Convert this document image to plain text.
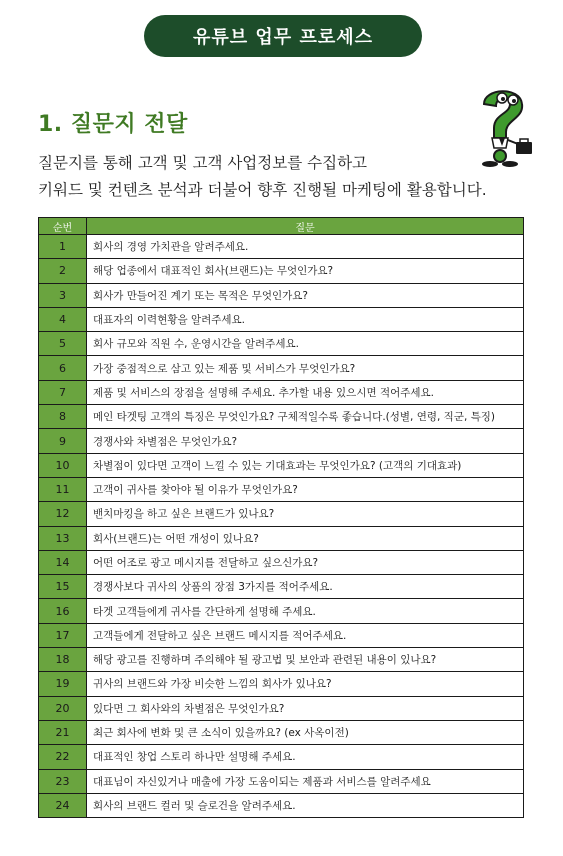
유튜브 업무 프로세스
1. 질문지 전달
질문지를 통해 고객 및 고객 사업정보를 수집하고
키워드 및 컨텐츠 분석과 더불어 향후 진행될 마케팅에 활용합니다.
순번	질문
1	회사의 경영 가치관을 알려주세요.
2	해당 업종에서 대표적인 회사(브랜드)는 무엇인가요?
3	회사가 만들어진 계기 또는 목적은 무엇인가요?
4	대표자의 이력현황을 알려주세요.
5	회사 규모와 직원 수, 운영시간을 알려주세요.
6	가장 중점적으로 삼고 있는 제품 및 서비스가 무엇인가요?
7	제품 및 서비스의 장점을 설명해 주세요. 추가할 내용 있으시면 적어주세요.
8	메인 타겟팅 고객의 특징은 무엇인가요? 구체적일수록 좋습니다.(성별, 연령, 직군, 특징)
9	경쟁사와 차별점은 무엇인가요?
10	차별점이 있다면 고객이 느낄 수 있는 기대효과는 무엇인가요? (고객의 기대효과)
11	고객이 귀사를 찾아야 될 이유가 무엇인가요?
12	밴치마킹을 하고 싶은 브랜드가 있나요?
13	회사(브랜드)는 어떤 개성이 있나요?
14	어떤 어조로 광고 메시지를 전달하고 싶으신가요?
15	경쟁사보다 귀사의 상품의 장점 3가지를 적어주세요.
16	타겟 고객들에게 귀사를 간단하게 설명해 주세요.
17	고객들에게 전달하고 싶은 브랜드 메시지를 적어주세요.
18	해당 광고를 진행하며 주의해야 될 광고법 및 보안과 관련된 내용이 있나요?
19	귀사의 브랜드와 가장 비슷한 느낌의 회사가 있나요?
20	있다면 그 회사와의 차별점은 무엇인가요?
21	최근 회사에 변화 및 큰 소식이 있을까요? (ex 사옥이전)
22	대표적인 창업 스토리 하나만 설명해 주세요.
23	대표님이 자신있거나 매출에 가장 도움이되는 제품과 서비스를 알려주세요
24	회사의 브랜드 컬러 및 슬로건을 알려주세요.
